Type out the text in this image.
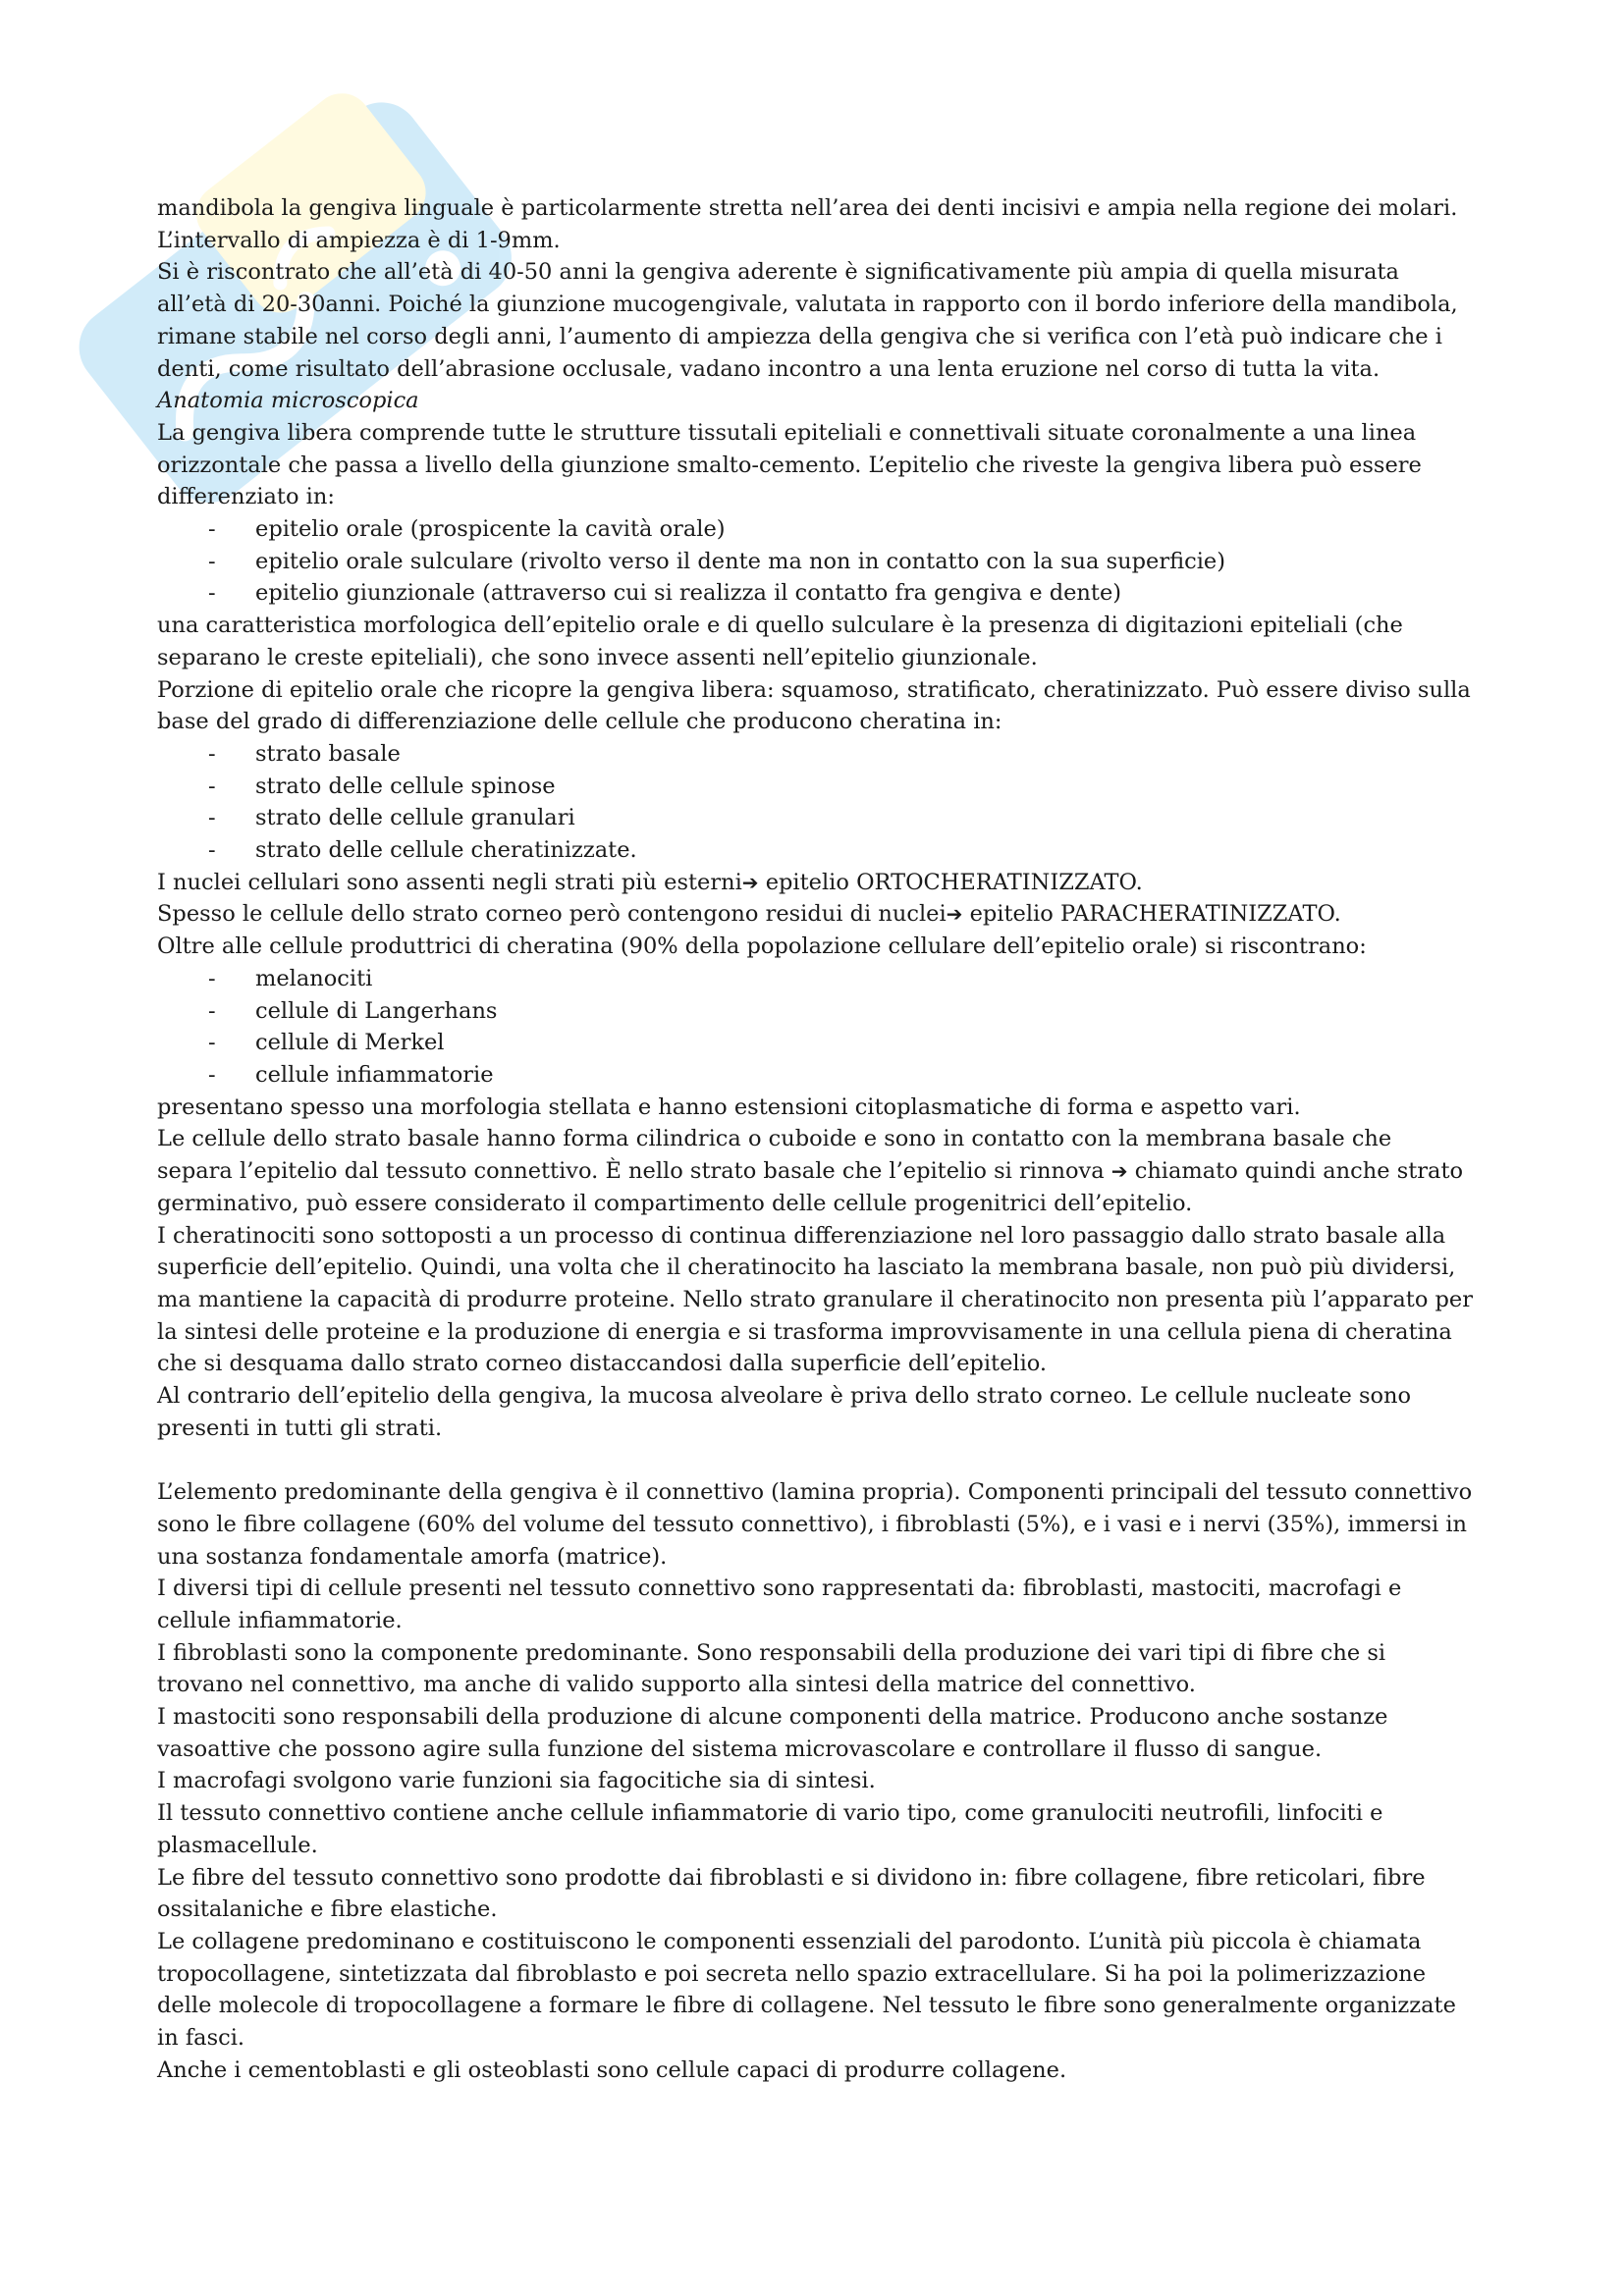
mandibola la gengiva linguale è particolarmente stretta nell’area dei denti incisivi e ampia nella regione dei molari. L’intervallo di ampiezza è di 1-9mm.

Si è riscontrato che all’età di 40-50 anni la gengiva aderente è significativamente più ampia di quella misurata all’età di 20-30anni. Poiché la giunzione mucogengivale, valutata in rapporto con il bordo inferiore della mandibola, rimane stabile nel corso degli anni, l’aumento di ampiezza della gengiva che si verifica con l’età può indicare che i denti, come risultato dell’abrasione occlusale, vadano incontro a una lenta eruzione nel corso di tutta la vita.

Anatomia microscopica

La gengiva libera comprende tutte le strutture tissutali epiteliali e connettivali situate coronalmente a una linea orizzontale che passa a livello della giunzione smalto-cemento. L’epitelio che riveste la gengiva libera può essere differenziato in:

- epitelio orale (prospicente la cavità orale)
- epitelio orale sulculare (rivolto verso il dente ma non in contatto con la sua superficie)
- epitelio giunzionale (attraverso cui si realizza il contatto fra gengiva e dente)

una caratteristica morfologica dell’epitelio orale e di quello sulculare è la presenza di digitazioni epiteliali (che separano le creste epiteliali), che sono invece assenti nell’epitelio giunzionale.

Porzione di epitelio orale che ricopre la gengiva libera: squamoso, stratificato, cheratinizzato. Può essere diviso sulla base del grado di differenziazione delle cellule che producono cheratina in:

- strato basale
- strato delle cellule spinose
- strato delle cellule granulari
- strato delle cellule cheratinizzate.

I nuclei cellulari sono assenti negli strati più esterni➔ epitelio ORTOCHERATINIZZATO.

Spesso le cellule dello strato corneo però contengono residui di nuclei➔ epitelio PARACHERATINIZZATO.

Oltre alle cellule produttrici di cheratina (90% della popolazione cellulare dell’epitelio orale) si riscontrano:

- melanociti
- cellule di Langerhans
- cellule di Merkel
- cellule infiammatorie

presentano spesso una morfologia stellata e hanno estensioni citoplasmatiche di forma e aspetto vari.

Le cellule dello strato basale hanno forma cilindrica o cuboide e sono in contatto con la membrana basale che separa l’epitelio dal tessuto connettivo. È nello strato basale che l’epitelio si rinnova ➔ chiamato quindi anche strato germinativo, può essere considerato il compartimento delle cellule progenitrici dell’epitelio.

I cheratinociti sono sottoposti a un processo di continua differenziazione nel loro passaggio dallo strato basale alla superficie dell’epitelio. Quindi, una volta che il cheratinocito ha lasciato la membrana basale, non può più dividersi, ma mantiene la capacità di produrre proteine. Nello strato granulare il cheratinocito non presenta più l’apparato per la sintesi delle proteine e la produzione di energia e si trasforma improvvisamente in una cellula piena di cheratina che si desquama dallo strato corneo distaccandosi dalla superficie dell’epitelio.

Al contrario dell’epitelio della gengiva, la mucosa alveolare è priva dello strato corneo. Le cellule nucleate sono presenti in tutti gli strati.

L’elemento predominante della gengiva è il connettivo (lamina propria). Componenti principali del tessuto connettivo sono le fibre collagene (60% del volume del tessuto connettivo), i fibroblasti (5%), e i vasi e i nervi (35%), immersi in una sostanza fondamentale amorfa (matrice).

I diversi tipi di cellule presenti nel tessuto connettivo sono rappresentati da: fibroblasti, mastociti, macrofagi e cellule infiammatorie.

I fibroblasti sono la componente predominante. Sono responsabili della produzione dei vari tipi di fibre che si trovano nel connettivo, ma anche di valido supporto alla sintesi della matrice del connettivo.

I mastociti sono responsabili della produzione di alcune componenti della matrice. Producono anche sostanze vasoattive che possono agire sulla funzione del sistema microvascolare e controllare il flusso di sangue.

I macrofagi svolgono varie funzioni sia fagocitiche sia di sintesi.

Il tessuto connettivo contiene anche cellule infiammatorie di vario tipo, come granulociti neutrofili, linfociti e plasmacellule.

Le fibre del tessuto connettivo sono prodotte dai fibroblasti e si dividono in: fibre collagene, fibre reticolari, fibre ossitalaniche e fibre elastiche.

Le collagene predominano e costituiscono le componenti essenziali del parodonto. L’unità più piccola è chiamata tropocollagene, sintetizzata dal fibroblasto e poi secreta nello spazio extracellulare. Si ha poi la polimerizzazione delle molecole di tropocollagene a formare le fibre di collagene. Nel tessuto le fibre sono generalmente organizzate in fasci.

Anche i cementoblasti e gli osteoblasti sono cellule capaci di produrre collagene.
